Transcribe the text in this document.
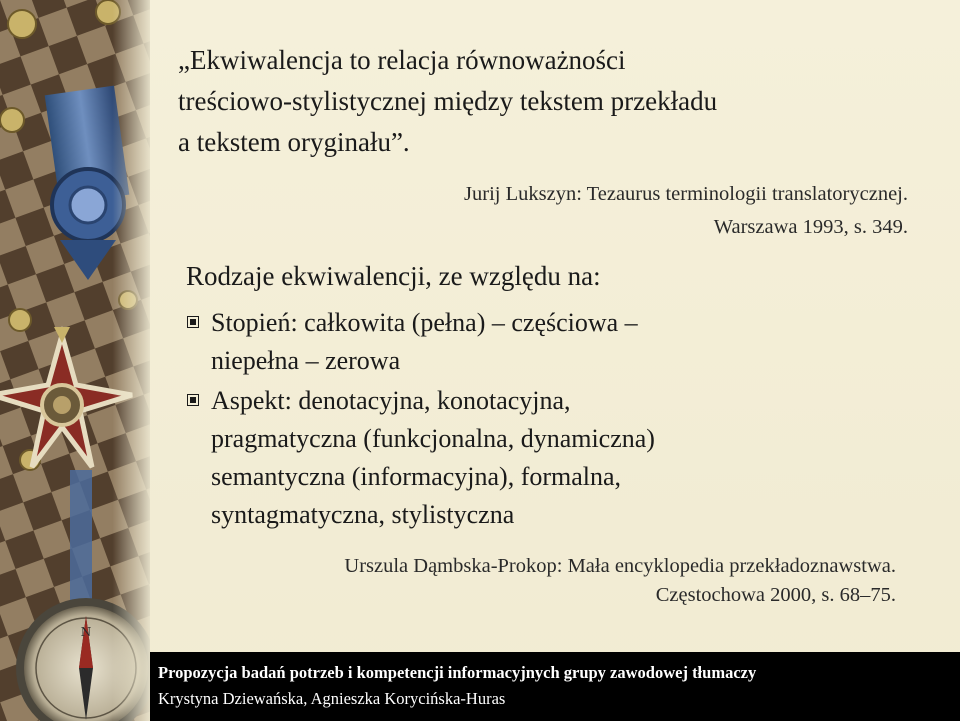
„Ekwiwalencja to relacja równoważności
treściowo-stylistycznej między tekstem przekładu
a tekstem oryginału”.
Jurij Lukszyn: Tezaurus terminologii translatorycznej.
Warszawa 1993, s. 349.
Rodzaje ekwiwalencji, ze względu na:
Stopień: całkowita (pełna) – częściowa –
niepełna – zerowa
Aspekt: denotacyjna, konotacyjna,
pragmatyczna (funkcjonalna, dynamiczna)
semantyczna (informacyjna), formalna,
syntagmatyczna, stylistyczna
Urszula Dąmbska-Prokop: Mała encyklopedia przekładoznawstwa.
Częstochowa 2000, s. 68–75.
Propozycja badań potrzeb i kompetencji informacyjnych grupy zawodowej tłumaczy
Krystyna Dziewańska, Agnieszka Korycińska-Huras
